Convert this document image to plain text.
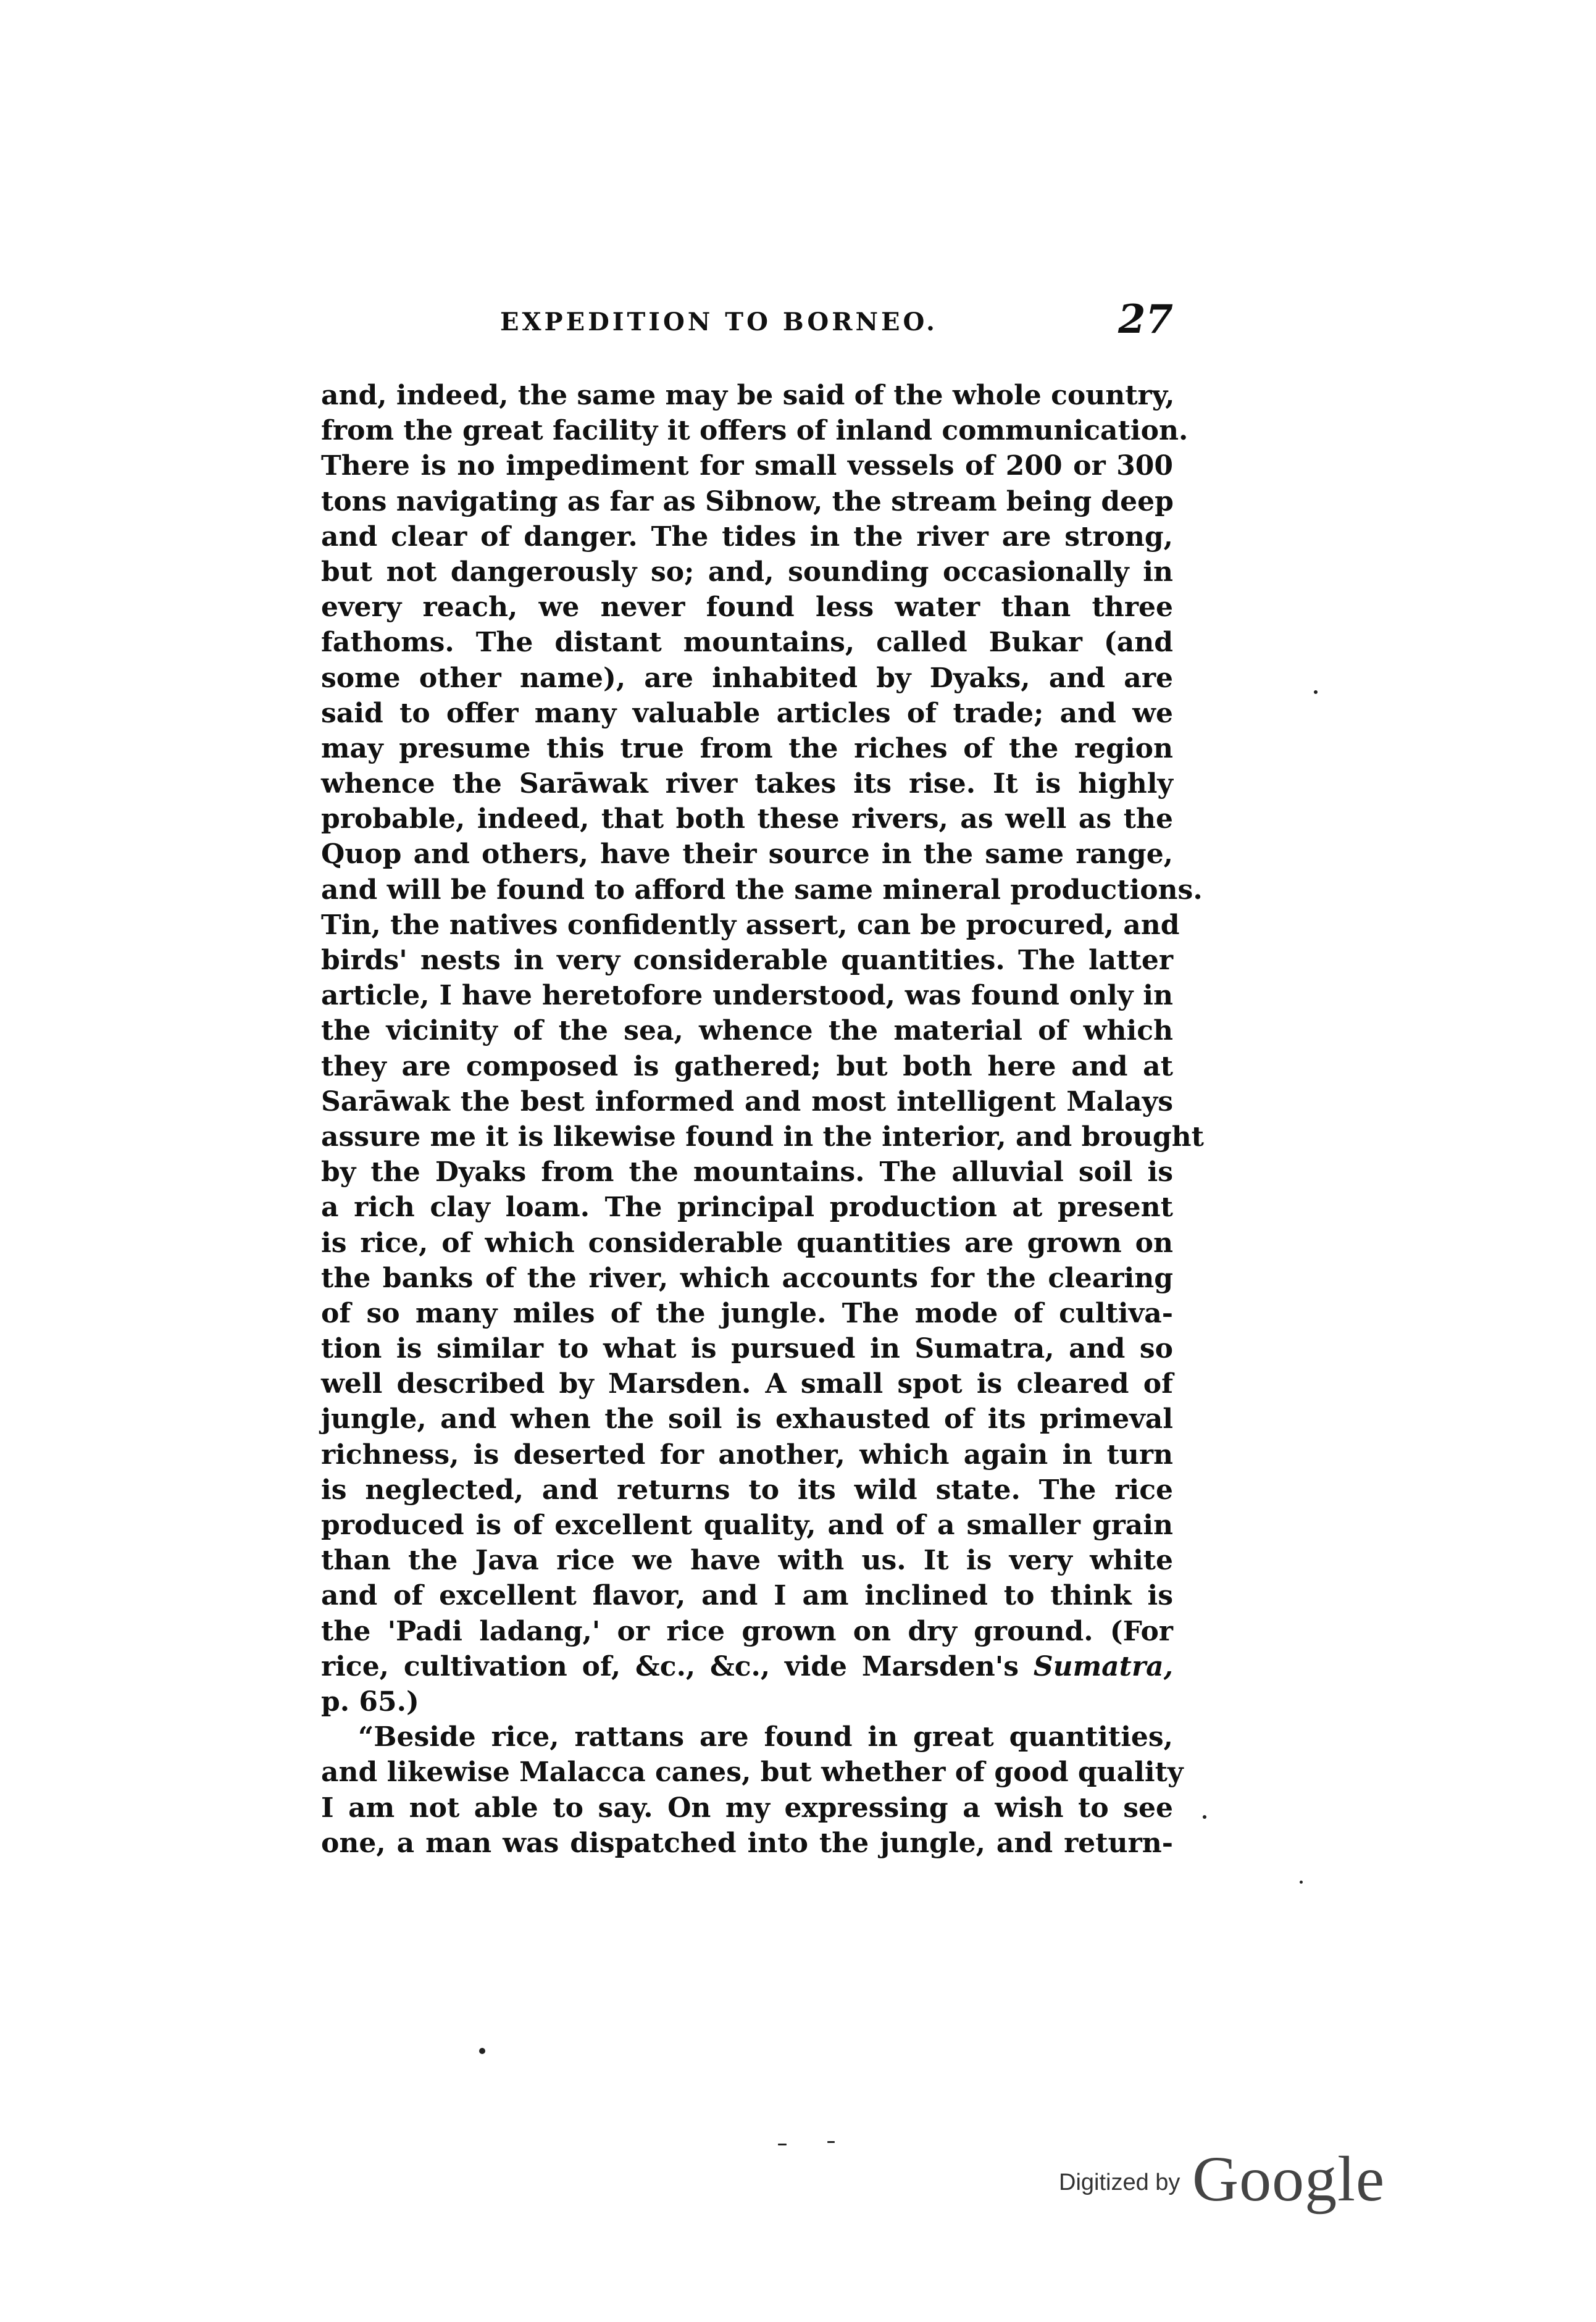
EXPEDITION TO BORNEO.	27
and, indeed, the same may be said of the whole country,
from the great facility it offers of inland communication.
There is no impediment for small vessels of 200 or 300
tons navigating as far as Sibnow, the stream being deep
and clear of danger. The tides in the river are strong,
but not dangerously so; and, sounding occasionally in
every reach, we never found less water than three
fathoms. The distant mountains, called Bukar (and
some other name), are inhabited by Dyaks, and are
said to offer many valuable articles of trade; and we
may presume this true from the riches of the region
whence the Sarāwak river takes its rise. It is highly
probable, indeed, that both these rivers, as well as the
Quop and others, have their source in the same range,
and will be found to afford the same mineral productions.
Tin, the natives confidently assert, can be procured, and
birds' nests in very considerable quantities. The latter
article, I have heretofore understood, was found only in
the vicinity of the sea, whence the material of which
they are composed is gathered; but both here and at
Sarāwak the best informed and most intelligent Malays
assure me it is likewise found in the interior, and brought
by the Dyaks from the mountains. The alluvial soil is
a rich clay loam. The principal production at present
is rice, of which considerable quantities are grown on
the banks of the river, which accounts for the clearing
of so many miles of the jungle. The mode of cultiva-
tion is similar to what is pursued in Sumatra, and so
well described by Marsden. A small spot is cleared of
jungle, and when the soil is exhausted of its primeval
richness, is deserted for another, which again in turn
is neglected, and returns to its wild state. The rice
produced is of excellent quality, and of a smaller grain
than the Java rice we have with us. It is very white
and of excellent flavor, and I am inclined to think is
the 'Padi ladang,' or rice grown on dry ground. (For
rice, cultivation of, &c., &c., vide Marsden's Sumatra,
p. 65.)
“Beside rice, rattans are found in great quantities,
and likewise Malacca canes, but whether of good quality
I am not able to say. On my expressing a wish to see
one, a man was dispatched into the jungle, and return-
Digitized by Google
